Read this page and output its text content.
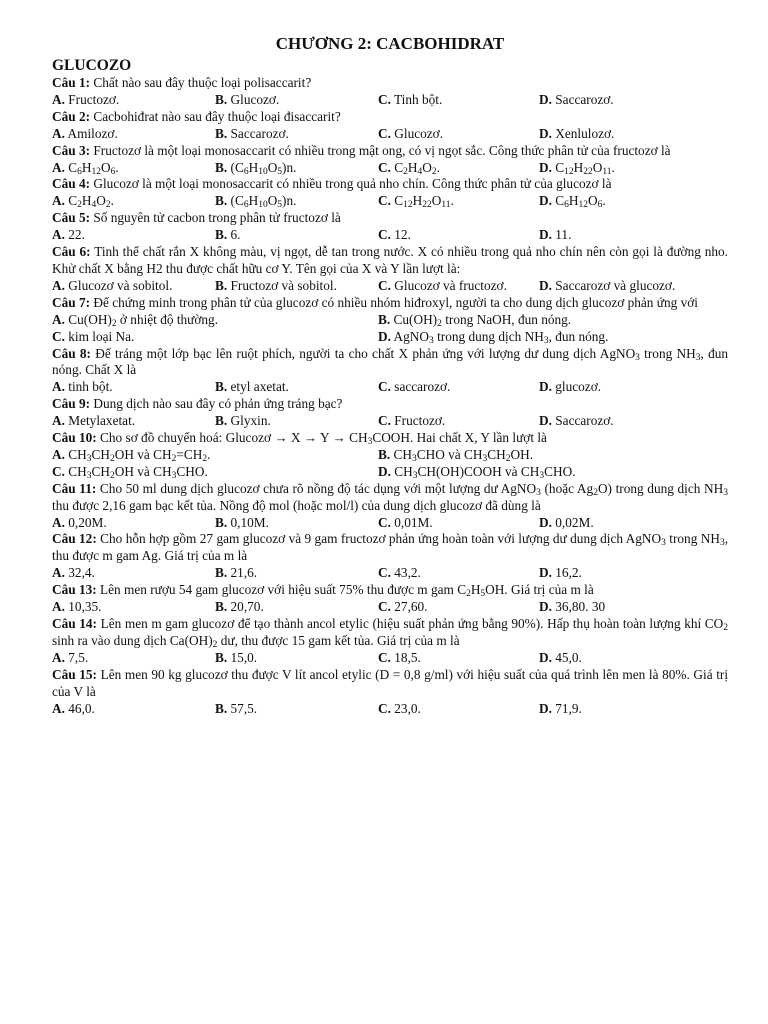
CHƯƠNG 2: CACBOHIDRAT
GLUCOZO

Câu 1: Chất nào sau đây thuộc loại polisaccarit?

A. Fructozơ.	B. Glucozơ.	C. Tinh bột.	D. Saccarozơ.

Câu 2: Cacbohiđrat nào sau đây thuộc loại đisaccarit?

A. Amilozơ.	B. Saccarozơ.	C. Glucozơ.	D. Xenlulozơ.

Câu 3: Fructozơ là một loại monosaccarit có nhiều trong mật ong, có vị ngọt sắc. Công thức phân tử của fructozơ là

A. $C_6H_{12}O_6$.	B. $(C_6H_{10}O_5)n$.	C. $C_2H_4O_2$.	D. $C_{12}H_{22}O_{11}$.

Câu 4: Glucozơ là một loại monosaccarit có nhiều trong quả nho chín. Công thức phân tử của glucozơ là

A. $C_2H_4O_2$.	B. $(C_6H_{10}O_5)n$.	C. $C_{12}H_{22}O_{11}$.	D. $C_6H_{12}O_6$.

Câu 5: Số nguyên tử cacbon trong phân tử fructozơ là

A. 22.	B. 6.	C. 12.	D. 11.

Câu 6: Tinh thể chất rắn X không màu, vị ngọt, dễ tan trong nước. X có nhiều trong quả nho chín nên còn gọi là đường nho. Khử chất X bằng H2 thu được chất hữu cơ Y. Tên gọi của X và Y lần lượt là:

A. Glucozơ và sobitol.	B. Fructozơ và sobitol.	C. Glucozơ và fructozơ.	D. Saccarozơ và glucozơ.

Câu 7: Để chứng minh trong phân tử của glucozơ có nhiều nhóm hiđroxyl, người ta cho dung dịch glucozơ phản ứng với

A. $Cu(OH)_2$ ở nhiệt độ thường.	B. $Cu(OH)_2$ trong NaOH, đun nóng.
C. kim loại Na.	D. AgNO$_3$ trong dung dịch $NH_3$, đun nóng.

Câu 8: Để tráng một lớp bạc lên ruột phích, người ta cho chất X phản ứng với lượng dư dung dịch AgNO$_3$ trong $NH_3$, đun nóng. Chất X là

A. tinh bột.	B. etyl axetat.	C. saccarozơ.	D. glucozơ.

Câu 9: Dung dịch nào sau đây có phản ứng tráng bạc?

A. Metylaxetat.	B. Glyxin.	C. Fructozơ.	D. Saccarozơ.

Câu 10: Cho sơ đồ chuyển hoá: Glucozơ → $X \to Y \to CH_3COOH$. Hai chất X, Y lần lượt là

A. $CH_3CH_2OH$ và $CH_2=CH_2$.	B. $CH_3CHO$ và $CH_3CH_2OH$.
C. $CH_3CH_2OH$ và $CH_3CHO$.	D. $CH_3CH(OH)COOH$ và $CH_3CHO$.

Câu 11: Cho 50 ml dung dịch glucozơ chưa rõ nồng độ tác dụng với một lượng dư AgNO$_3$ (hoặc $Ag_2O$) trong dung dịch $NH_3$ thu được 2,16 gam bạc kết tủa. Nồng độ mol (hoặc mol/l) của dung dịch glucozơ đã dùng là

A. 0,20M.	B. 0,10M.	C. 0,01M.	D. 0,02M.

Câu 12: Cho hỗn hợp gồm 27 gam glucozơ và 9 gam fructozơ phản ứng hoàn toàn với lượng dư dung dịch AgNO$_3$ trong $NH_3$, thu được m gam Ag. Giá trị của m là

A. 32,4.	B. 21,6.	C. 43,2.	D. 16,2.

Câu 13: Lên men rượu 54 gam glucozơ với hiệu suất 75% thu được m gam $C_2H_5OH$. Giá trị của m là

A. 10,35.	B. 20,70.	C. 27,60.	D. 36,80. 30

Câu 14: Lên men m gam glucozơ để tạo thành ancol etylic (hiệu suất phản ứng bằng 90%). Hấp thụ hoàn toàn lượng khí $CO_2$ sinh ra vào dung dịch $Ca(OH)_2$ dư, thu được 15 gam kết tủa. Giá trị của m là

A. 7,5.	B. 15,0.	C. 18,5.	D. 45,0.

Câu 15: Lên men 90 kg glucozơ thu được V lít ancol etylic (D = 0,8 g/ml) với hiệu suất của quá trình lên men là 80%. Giá trị của V là

A. 46,0.	B. 57,5.	C. 23,0.	D. 71,9.
